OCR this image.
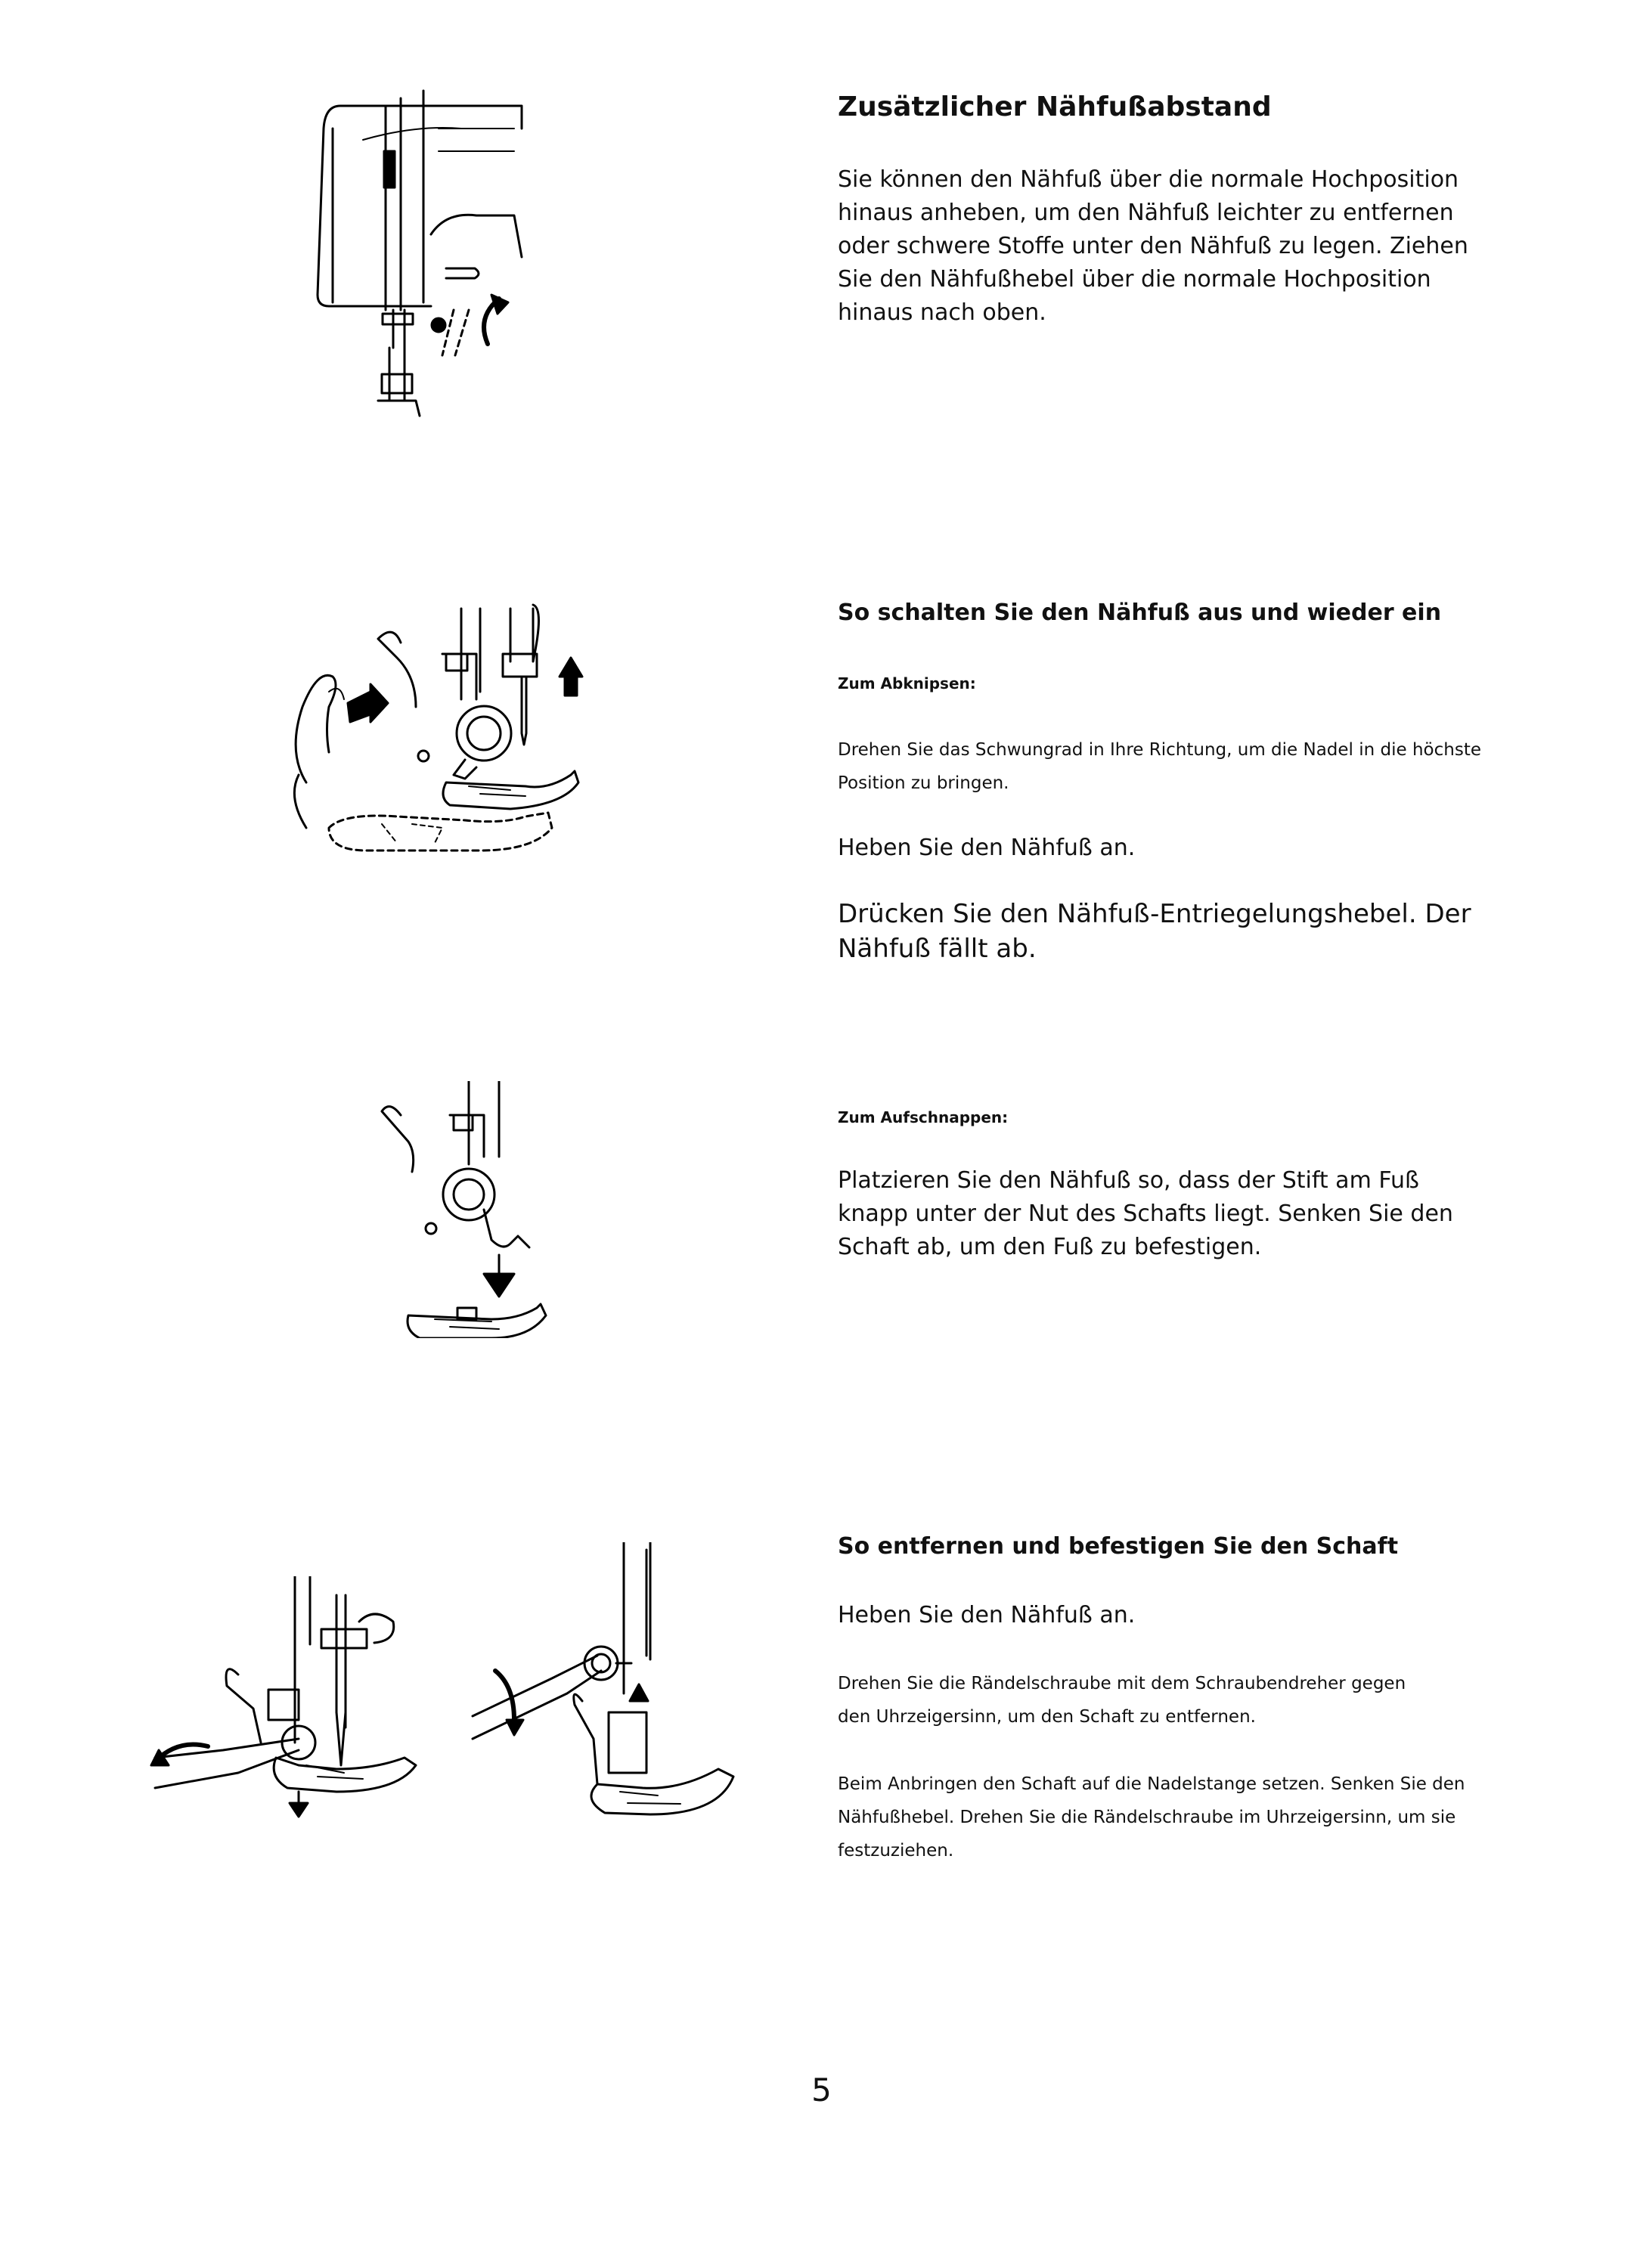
Zusätzlicher Nähfußabstand

Sie können den Nähfuß über die normale Hochposition hinaus anheben, um den Nähfuß leichter zu entfernen oder schwere Stoffe unter den Nähfuß zu legen. Ziehen Sie den Nähfußhebel über die normale Hochposition hinaus nach oben.

So schalten Sie den Nähfuß aus und wieder ein
Zum Abknipsen:

Drehen Sie das Schwungrad in Ihre Richtung, um die Nadel in die höchste Position zu bringen.

Heben Sie den Nähfuß an.

Drücken Sie den Nähfuß-Entriegelungshebel. Der Nähfuß fällt ab.

Zum Aufschnappen:

Platzieren Sie den Nähfuß so, dass der Stift am Fuß knapp unter der Nut des Schafts liegt. Senken Sie den Schaft ab, um den Fuß zu befestigen.

So entfernen und befestigen Sie den Schaft

Heben Sie den Nähfuß an.

Drehen Sie die Rändelschraube mit dem Schraubendreher gegen den Uhrzeigersinn, um den Schaft zu entfernen.

Beim Anbringen den Schaft auf die Nadelstange setzen. Senken Sie den Nähfußhebel. Drehen Sie die Rändelschraube im Uhrzeigersinn, um sie festzuziehen.

5
